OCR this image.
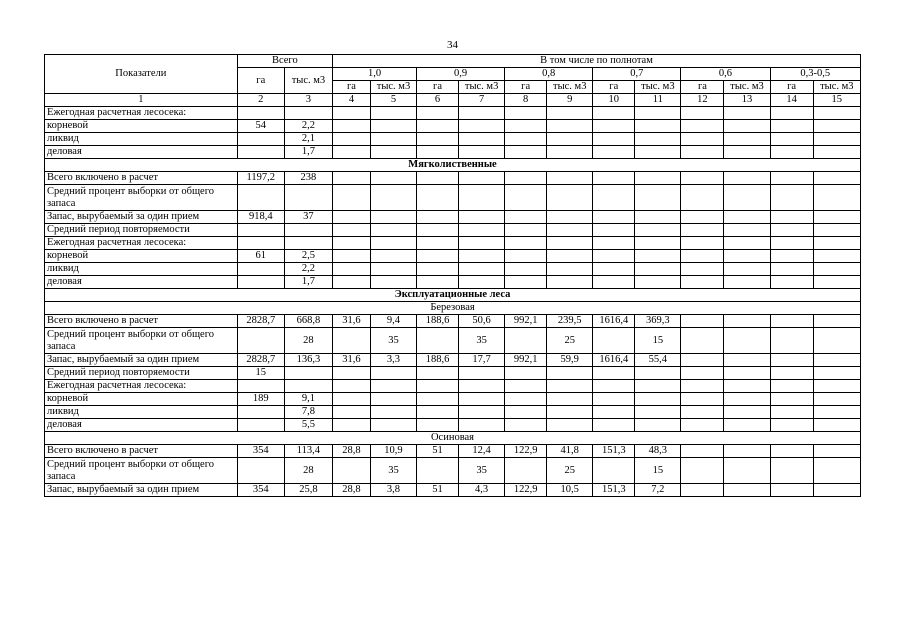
34
Показатели	Всего		В том числе по полнотам											
	га	тыс. м3	1,0		0,9		0,8		0,7		0,6		0,3-0,5	
			га	тыс. м3	га	тыс. м3	га	тыс. м3	га	тыс. м3	га	тыс. м3	га	тыс. м3
1	2	3	4	5	6	7	8	9	10	11	12	13	14	15
Ежегодная расчетная лесосека:														
корневой	54	2,2												
ликвид		2,1												
деловая		1,7												
Мягколиственные														
Всего включено в расчет	1197,2	238												
Средний процент выборки от общего запаса														
Запас, вырубаемый за один прием	918,4	37												
Средний период повторяемости														
Ежегодная расчетная лесосека:														
корневой	61	2,5												
ликвид		2,2												
деловая		1,7												
Эксплуатационные леса														
Березовая														
Всего включено в расчет	2828,7	668,8	31,6	9,4	188,6	50,6	992,1	239,5	1616,4	369,3				
Средний процент выборки от общего запаса		28		35		35		25		15				
Запас, вырубаемый за один прием	2828,7	136,3	31,6	3,3	188,6	17,7	992,1	59,9	1616,4	55,4				
Средний период повторяемости	15													
Ежегодная расчетная лесосека:														
корневой	189	9,1												
ликвид		7,8												
деловая		5,5												
Осиновая														
Всего включено в расчет	354	113,4	28,8	10,9	51	12,4	122,9	41,8	151,3	48,3				
Средний процент выборки от общего запаса		28		35		35		25		15				
Запас, вырубаемый за один прием	354	25,8	28,8	3,8	51	4,3	122,9	10,5	151,3	7,2				
